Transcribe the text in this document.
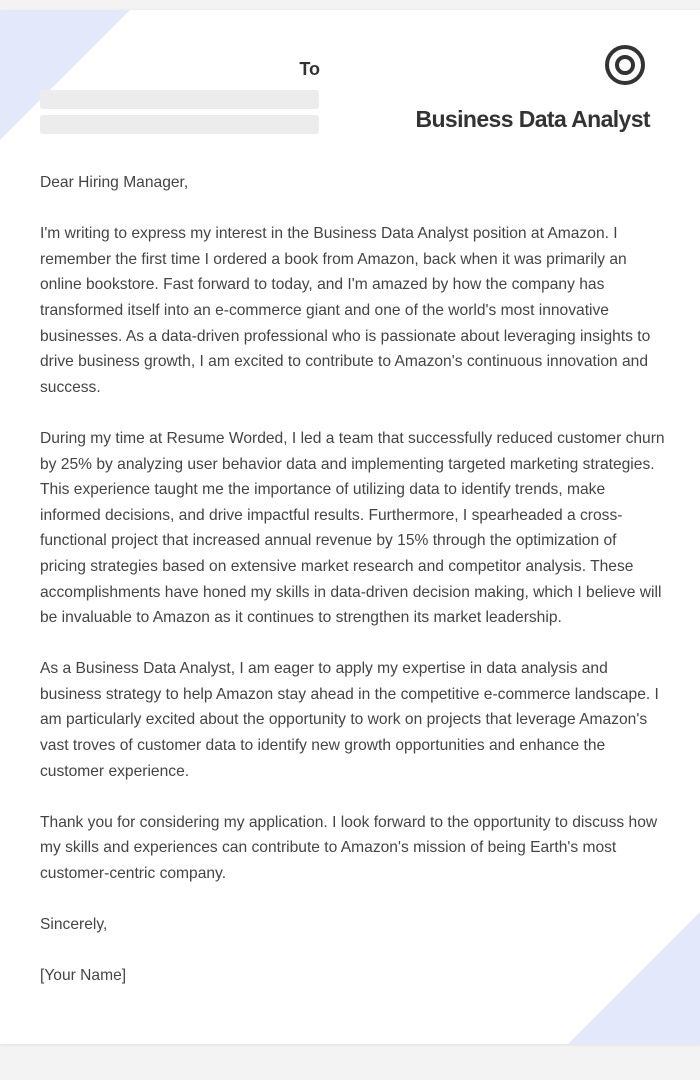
To
Business Data Analyst

Dear Hiring Manager,

I'm writing to express my interest in the Business Data Analyst position at Amazon. I remember the first time I ordered a book from Amazon, back when it was primarily an online bookstore. Fast forward to today, and I'm amazed by how the company has transformed itself into an e-commerce giant and one of the world's most innovative businesses. As a data-driven professional who is passionate about leveraging insights to drive business growth, I am excited to contribute to Amazon's continuous innovation and success.

During my time at Resume Worded, I led a team that successfully reduced customer churn by 25% by analyzing user behavior data and implementing targeted marketing strategies. This experience taught me the importance of utilizing data to identify trends, make informed decisions, and drive impactful results. Furthermore, I spearheaded a cross-functional project that increased annual revenue by 15% through the optimization of pricing strategies based on extensive market research and competitor analysis. These accomplishments have honed my skills in data-driven decision making, which I believe will be invaluable to Amazon as it continues to strengthen its market leadership.

As a Business Data Analyst, I am eager to apply my expertise in data analysis and business strategy to help Amazon stay ahead in the competitive e-commerce landscape. I am particularly excited about the opportunity to work on projects that leverage Amazon's vast troves of customer data to identify new growth opportunities and enhance the customer experience.

Thank you for considering my application. I look forward to the opportunity to discuss how my skills and experiences can contribute to Amazon's mission of being Earth's most customer-centric company.

Sincerely,

[Your Name]
